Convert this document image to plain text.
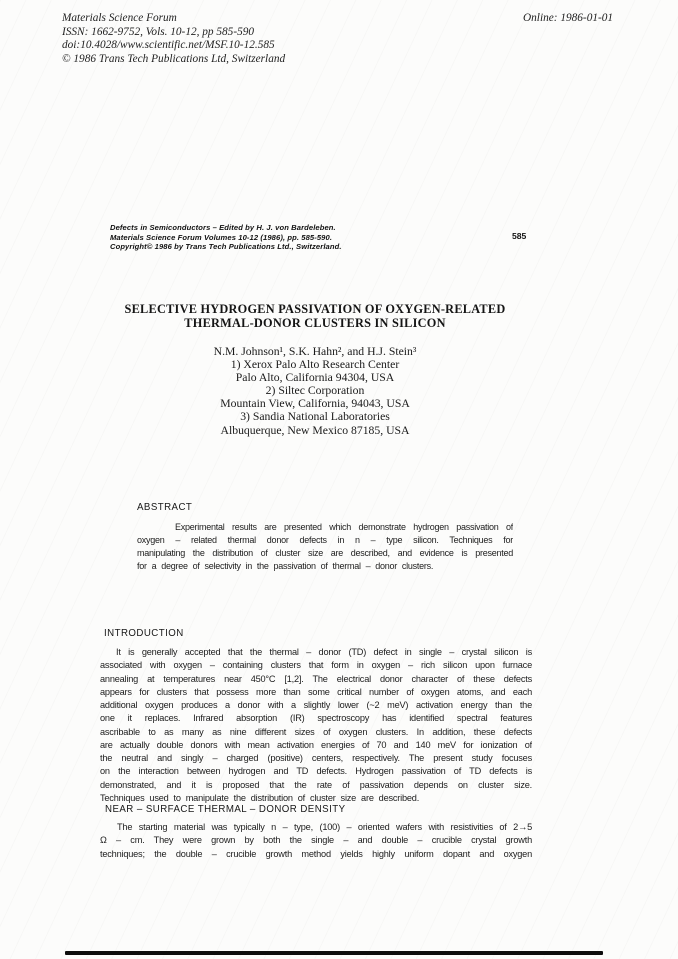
Materials Science Forum
ISSN: 1662-9752, Vols. 10-12, pp 585-590
doi:10.4028/www.scientific.net/MSF.10-12.585
© 1986 Trans Tech Publications Ltd, Switzerland
Online: 1986-01-01
Defects in Semiconductors – Edited by H. J. von Bardeleben.
Materials Science Forum Volumes 10-12 (1986), pp. 585-590.
Copyright© 1986 by Trans Tech Publications Ltd., Switzerland.
585
SELECTIVE HYDROGEN PASSIVATION OF OXYGEN-RELATED
THERMAL-DONOR CLUSTERS IN SILICON
N.M. Johnson¹, S.K. Hahn², and H.J. Stein³
1) Xerox Palo Alto Research Center
Palo Alto, California 94304, USA
2) Siltec Corporation
Mountain View, California, 94043, USA
3) Sandia National Laboratories
Albuquerque, New Mexico 87185, USA
ABSTRACT
Experimental results are presented which demonstrate hydrogen passivation of
oxygen – related thermal donor defects in n – type silicon. Techniques for
manipulating the distribution of cluster size are described, and evidence is presented
for a degree of selectivity in the passivation of thermal – donor clusters.
INTRODUCTION
It is generally accepted that the thermal – donor (TD) defect in single – crystal silicon is
associated with oxygen – containing clusters that form in oxygen – rich silicon upon furnace
annealing at temperatures near 450°C [1,2]. The electrical donor character of these defects
appears for clusters that possess more than some critical number of oxygen atoms, and each
additional oxygen produces a donor with a slightly lower (~2 meV) activation energy than the
one it replaces. Infrared absorption (IR) spectroscopy has identified spectral features
ascribable to as many as nine different sizes of oxygen clusters. In addition, these defects
are actually double donors with mean activation energies of 70 and 140 meV for ionization of
the neutral and singly – charged (positive) centers, respectively. The present study focuses
on the interaction between hydrogen and TD defects. Hydrogen passivation of TD defects is
demonstrated, and it is proposed that the rate of passivation depends on cluster size.
Techniques used to manipulate the distribution of cluster size are described.
NEAR – SURFACE THERMAL – DONOR DENSITY
The starting material was typically n – type, (100) – oriented wafers with resistivities of 2→5
Ω – cm. They were grown by both the single – and double – crucible crystal growth
techniques; the double – crucible growth method yields highly uniform dopant and oxygen
